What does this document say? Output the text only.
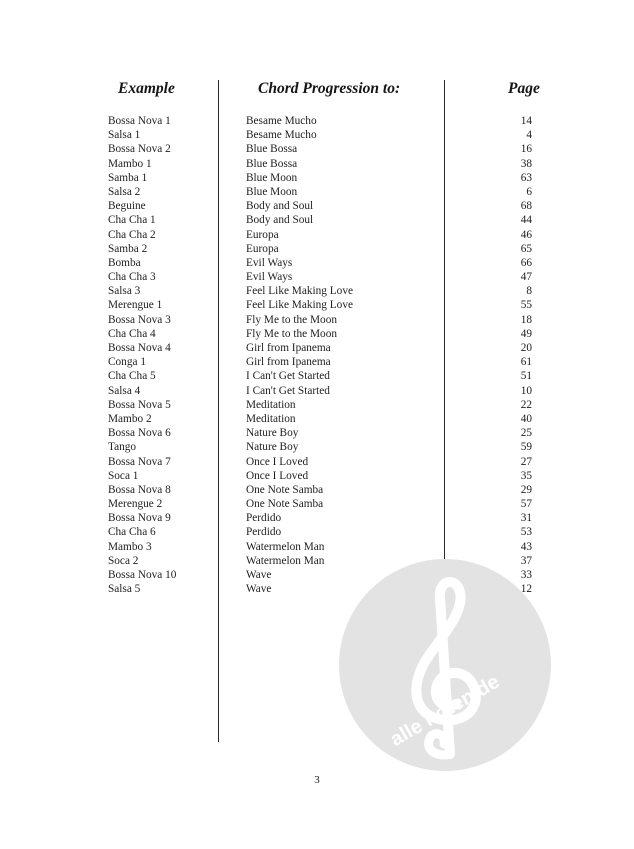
Example	Chord Progression to:	Page
Bossa Nova 1	Besame Mucho	14
Salsa 1	Besame Mucho	4
Bossa Nova 2	Blue Bossa	16
Mambo 1	Blue Bossa	38
Samba 1	Blue Moon	63
Salsa 2	Blue Moon	6
Beguine	Body and Soul	68
Cha Cha 1	Body and Soul	44
Cha Cha 2	Europa	46
Samba 2	Europa	65
Bomba	Evil Ways	66
Cha Cha 3	Evil Ways	47
Salsa 3	Feel Like Making Love	8
Merengue 1	Feel Like Making Love	55
Bossa Nova 3	Fly Me to the Moon	18
Cha Cha 4	Fly Me to the Moon	49
Bossa Nova 4	Girl from Ipanema	20
Conga 1	Girl from Ipanema	61
Cha Cha 5	I Can't Get Started	51
Salsa 4	I Can't Get Started	10
Bossa Nova 5	Meditation	22
Mambo 2	Meditation	40
Bossa Nova 6	Nature Boy	25
Tango	Nature Boy	59
Bossa Nova 7	Once I Loved	27
Soca 1	Once I Loved	35
Bossa Nova 8	One Note Samba	29
Merengue 2	One Note Samba	57
Bossa Nova 9	Perdido	31
Cha Cha 6	Perdido	53
Mambo 3	Watermelon Man	43
Soca 2	Watermelon Man	37
Bossa Nova 10	Wave	33
Salsa 5	Wave	12
alle noten.de
3
